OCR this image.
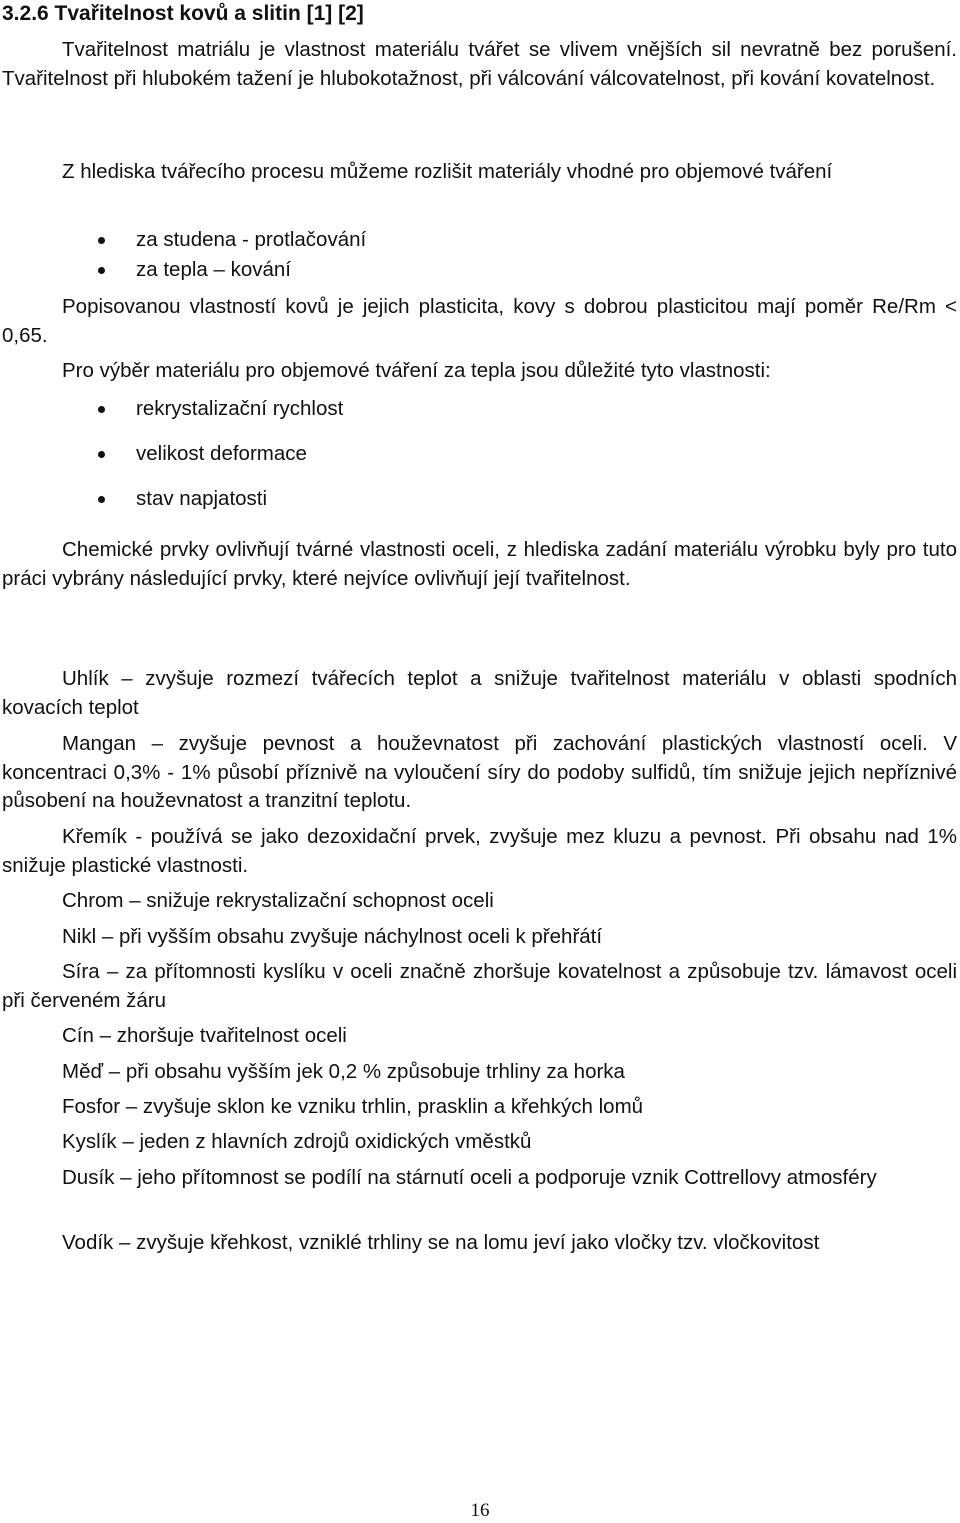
3.2.6 Tvařitelnost kovů a slitin [1] [2]

Tvařitelnost matriálu je vlastnost materiálu tvářet se vlivem vnějších sil nevratně bez porušení. Tvařitelnost při hlubokém tažení je hlubokotažnost, při válcování válcovatelnost, při kování kovatelnost.

Z hlediska tvářecího procesu můžeme rozlišit materiály vhodné pro objemové tváření

za studena - protlačování
za tepla – kování

Popisovanou vlastností kovů je jejich plasticita, kovy s dobrou plasticitou mají poměr Re/Rm < 0,65.

Pro výběr materiálu pro objemové tváření za tepla jsou důležité tyto vlastnosti:

rekrystalizační rychlost
velikost deformace
stav napjatosti

Chemické prvky ovlivňují tvárné vlastnosti oceli, z hlediska zadání materiálu výrobku byly pro tuto práci vybrány následující prvky, které nejvíce ovlivňují její tvařitelnost.

Uhlík – zvyšuje rozmezí tvářecích teplot a snižuje tvařitelnost materiálu v oblasti spodních kovacích teplot

Mangan – zvyšuje pevnost a houževnatost při zachování plastických vlastností oceli. V koncentraci 0,3% - 1% působí příznivě na vyloučení síry do podoby sulfidů, tím snižuje jejich nepříznivé působení na houževnatost a tranzitní teplotu.

Křemík - používá se jako dezoxidační prvek, zvyšuje mez kluzu a pevnost. Při obsahu nad 1% snižuje plastické vlastnosti.

Chrom – snižuje rekrystalizační schopnost oceli

Nikl – při vyšším obsahu zvyšuje náchylnost oceli k přehřátí

Síra – za přítomnosti kyslíku v oceli značně zhoršuje kovatelnost a způsobuje tzv. lámavost oceli při červeném žáru

Cín – zhoršuje tvařitelnost oceli

Měď – při obsahu vyšším jek 0,2 % způsobuje trhliny za horka

Fosfor – zvyšuje sklon ke vzniku trhlin, prasklin a křehkých lomů

Kyslík – jeden z hlavních zdrojů oxidických vměstků

Dusík – jeho přítomnost se podílí na stárnutí oceli a podporuje vznik Cottrellovy atmosféry

Vodík – zvyšuje křehkost, vzniklé trhliny se na lomu jeví jako vločky tzv. vločkovitost

16
